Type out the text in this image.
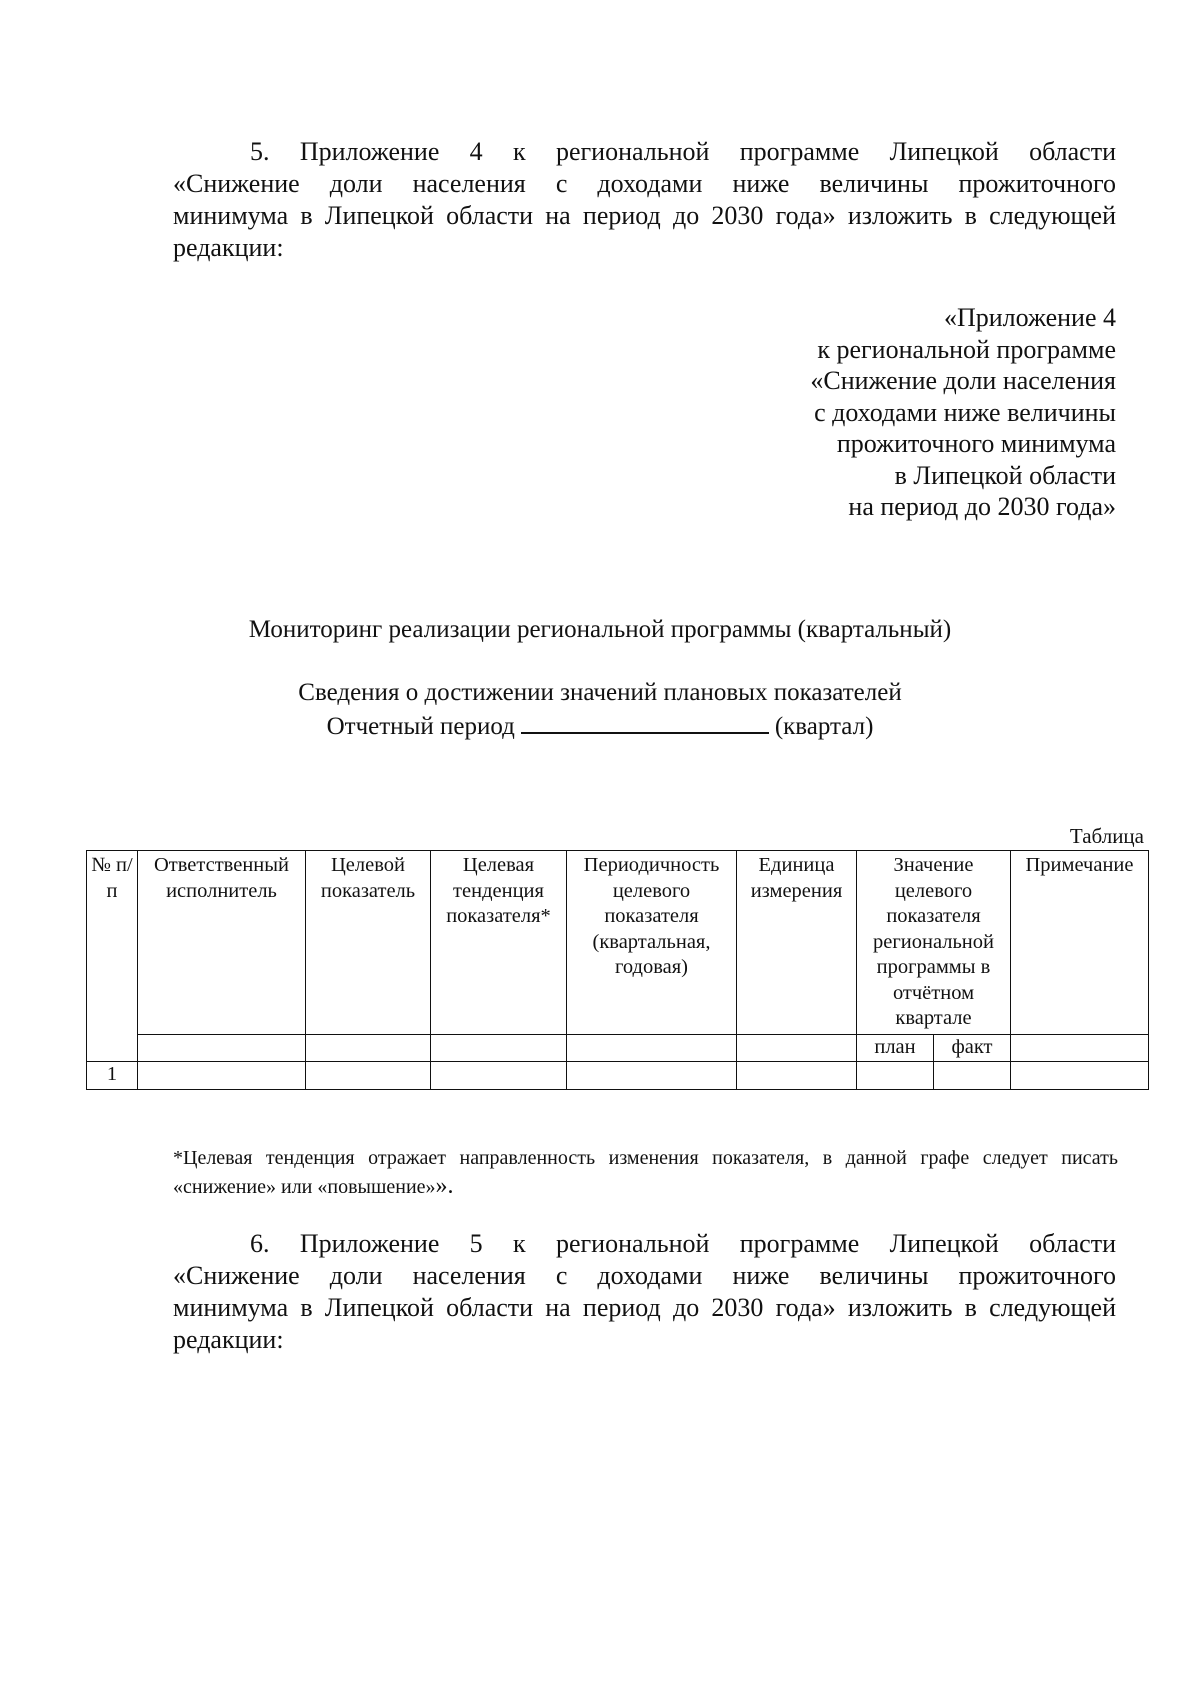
5. Приложение 4 к региональной программе Липецкой области
«Снижение доли населения с доходами ниже величины прожиточного
минимума в Липецкой области на период до 2030 года» изложить в следующей
редакции:
«Приложение 4
к региональной программе
«Снижение доли населения
с доходами ниже величины
прожиточного минимума
в Липецкой области
на период до 2030 года»
Мониторинг реализации региональной программы (квартальный)
Сведения о достижении значений плановых показателей
Отчетный период	(квартал)
Таблица
№ п/п	Ответственный исполнитель	Целевой показатель	Целевая тенденция показателя*	Периодичность целевого показателя (квартальная, годовая)	Единица измерения	Значение целевого показателя региональной программы в отчётном квартале		Примечание
						план	факт	
1								
*Целевая тенденция отражает направленность изменения показателя, в данной графе следует писать
«снижение» или «повышение»».
6. Приложение 5 к региональной программе Липецкой области
«Снижение доли населения с доходами ниже величины прожиточного
минимума в Липецкой области на период до 2030 года» изложить в следующей
редакции:
